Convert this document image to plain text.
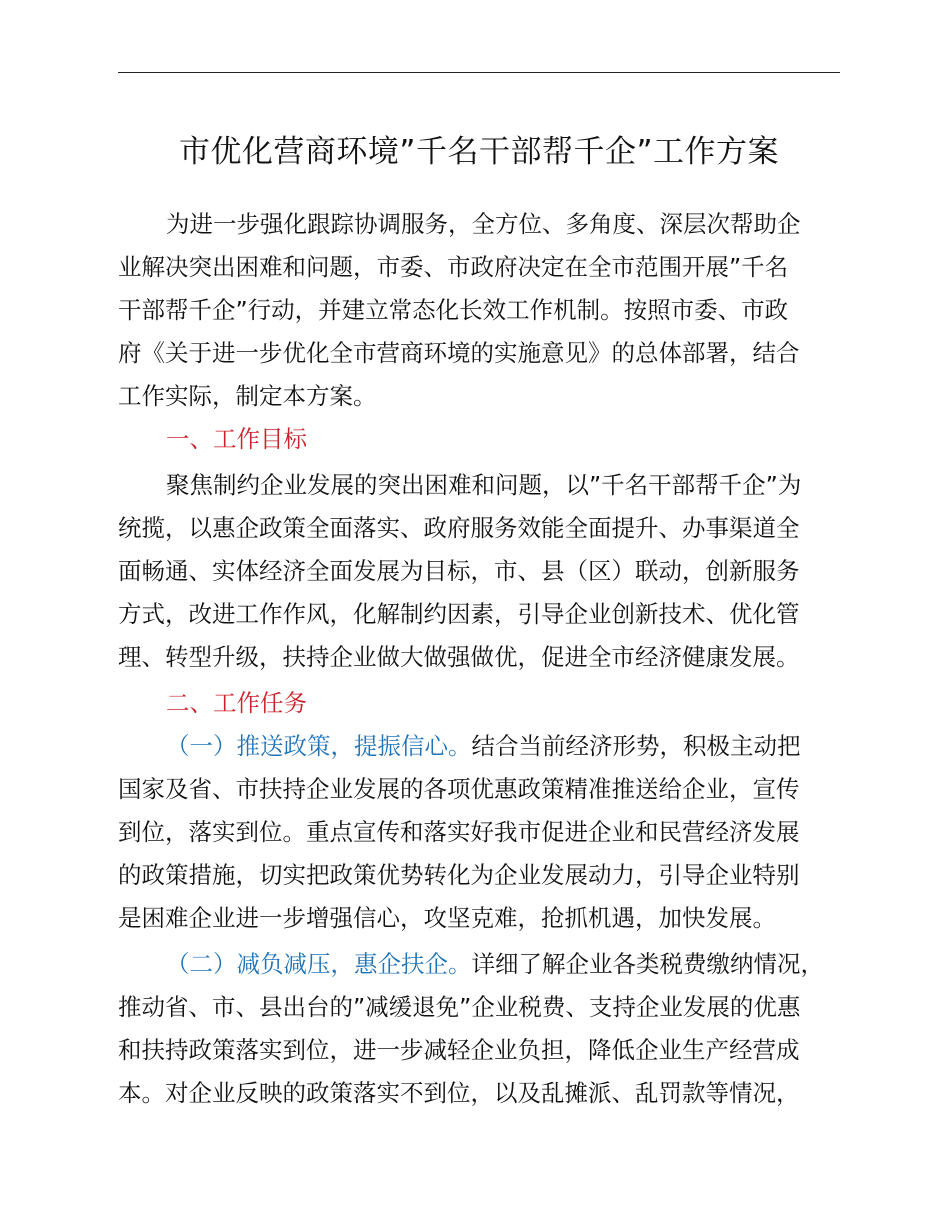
市优化营商环境”千名干部帮千企”工作方案
为进一步强化跟踪协调服务，全方位、多角度、深层次帮助企
业解决突出困难和问题，市委、市政府决定在全市范围开展”千名
干部帮千企”行动，并建立常态化长效工作机制。按照市委、市政
府《关于进一步优化全市营商环境的实施意见》的总体部署，结合
工作实际，制定本方案。
一、工作目标
聚焦制约企业发展的突出困难和问题，以”千名干部帮千企”为
统揽，以惠企政策全面落实、政府服务效能全面提升、办事渠道全
面畅通、实体经济全面发展为目标，市、县（区）联动，创新服务
方式，改进工作作风，化解制约因素，引导企业创新技术、优化管
理、转型升级，扶持企业做大做强做优，促进全市经济健康发展。
二、工作任务
（一）推送政策，提振信心。结合当前经济形势，积极主动把
国家及省、市扶持企业发展的各项优惠政策精准推送给企业，宣传
到位，落实到位。重点宣传和落实好我市促进企业和民营经济发展
的政策措施，切实把政策优势转化为企业发展动力，引导企业特别
是困难企业进一步增强信心，攻坚克难，抢抓机遇，加快发展。
（二）减负减压，惠企扶企。详细了解企业各类税费缴纳情况，
推动省、市、县出台的”减缓退免”企业税费、支持企业发展的优惠
和扶持政策落实到位，进一步减轻企业负担，降低企业生产经营成
本。对企业反映的政策落实不到位，以及乱摊派、乱罚款等情况，
